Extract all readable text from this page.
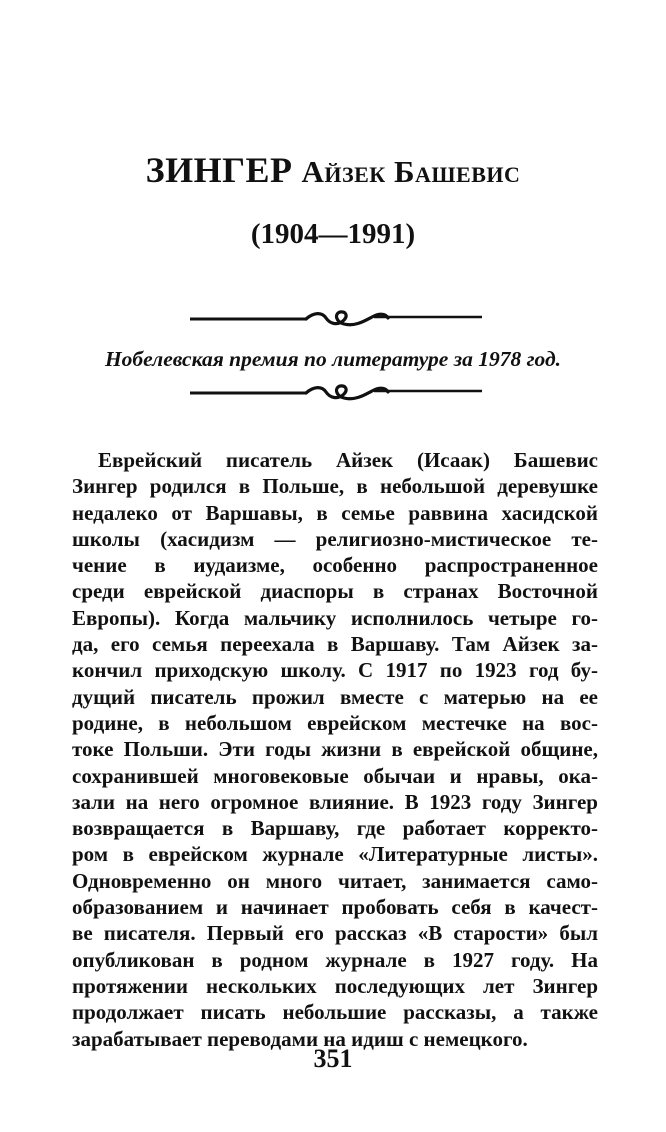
ЗИНГЕР Айзек Башевис
(1904—1991)
Нобелевская премия по литературе за 1978 год.
Еврейский писатель Айзек (Исаак) Башевис
Зингер родился в Польше, в небольшой деревушке
недалеко от Варшавы, в семье раввина хасидской
школы (хасидизм — религиозно-мистическое те-
чение в иудаизме, особенно распространенное
среди еврейской диаспоры в странах Восточной
Европы). Когда мальчику исполнилось четыре го-
да, его семья переехала в Варшаву. Там Айзек за-
кончил приходскую школу. С 1917 по 1923 год бу-
дущий писатель прожил вместе с матерью на ее
родине, в небольшом еврейском местечке на вос-
токе Польши. Эти годы жизни в еврейской общине,
сохранившей многовековые обычаи и нравы, ока-
зали на него огромное влияние. В 1923 году Зингер
возвращается в Варшаву, где работает корректо-
ром в еврейском журнале «Литературные листы».
Одновременно он много читает, занимается само-
образованием и начинает пробовать себя в качест-
ве писателя. Первый его рассказ «В старости» был
опубликован в родном журнале в 1927 году. На
протяжении нескольких последующих лет Зингер
продолжает писать небольшие рассказы, а также
зарабатывает переводами на идиш с немецкого.
351
